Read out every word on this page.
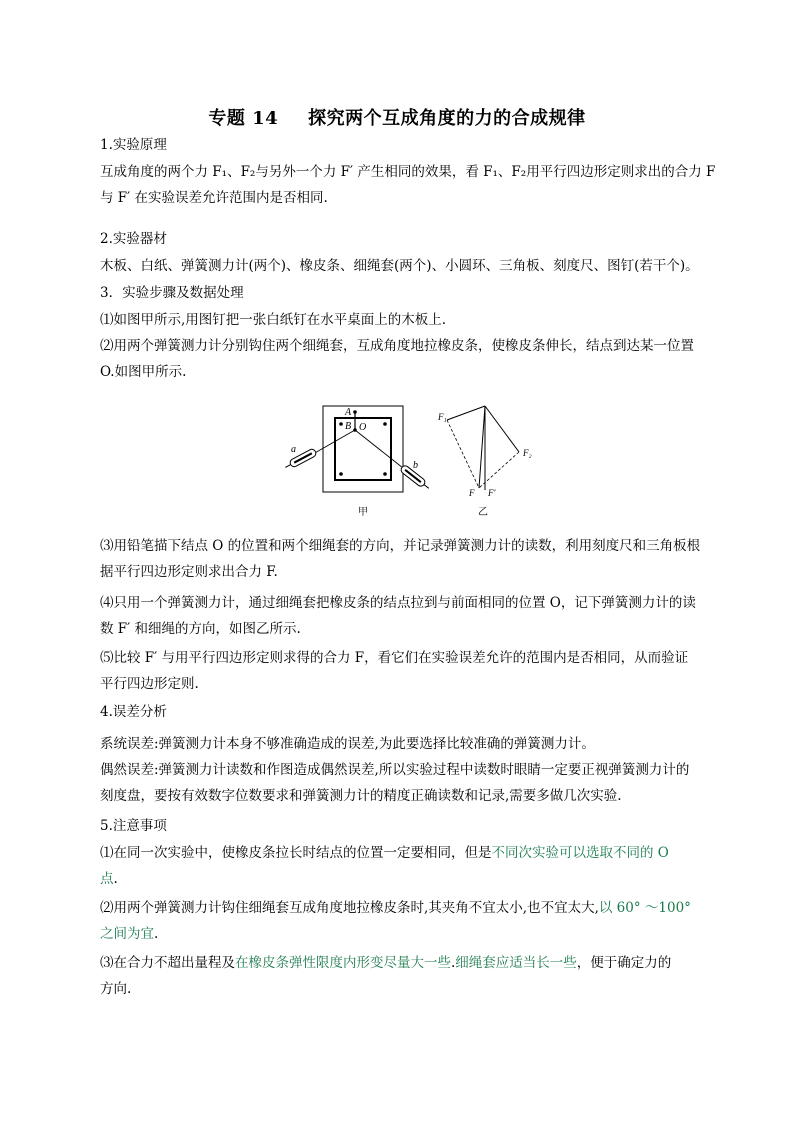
专题 14 探究两个互成角度的力的合成规律
1.实验原理
互成角度的两个力 F₁、F₂与另外一个力 F′ 产生相同的效果，看 F₁、F₂用平行四边形定则求出的合力 F
与 F′ 在实验误差允许范围内是否相同.
2.实验器材
木板、白纸、弹簧测力计(两个)、橡皮条、细绳套(两个)、小圆环、三角板、刻度尺、图钉(若干个)。
3．实验步骤及数据处理
⑴如图甲所示,用图钉把一张白纸钉在水平桌面上的木板上.
⑵用两个弹簧测力计分别钩住两个细绳套，互成角度地拉橡皮条，使橡皮条伸长，结点到达某一位置
O.如图甲所示.
A
B O
a
b
F₁
F₂
F F′
甲	乙
⑶用铅笔描下结点 O 的位置和两个细绳套的方向，并记录弹簧测力计的读数，利用刻度尺和三角板根
据平行四边形定则求出合力 F.
⑷只用一个弹簧测力计，通过细绳套把橡皮条的结点拉到与前面相同的位置 O，记下弹簧测力计的读
数 F′ 和细绳的方向，如图乙所示.
⑸比较 F′ 与用平行四边形定则求得的合力 F，看它们在实验误差允许的范围内是否相同，从而验证
平行四边形定则.
4.误差分析
系统误差:弹簧测力计本身不够准确造成的误差,为此要选择比较准确的弹簧测力计。
偶然误差:弹簧测力计读数和作图造成偶然误差,所以实验过程中读数时眼睛一定要正视弹簧测力计的
刻度盘，要按有效数字位数要求和弹簧测力计的精度正确读数和记录,需要多做几次实验.
5.注意事项
⑴在同一次实验中，使橡皮条拉长时结点的位置一定要相同，但是不同次实验可以选取不同的 O
点.
⑵用两个弹簧测力计钩住细绳套互成角度地拉橡皮条时,其夹角不宜太小,也不宜太大,以 60° ～100°
之间为宜.
⑶在合力不超出量程及在橡皮条弹性限度内形变尽量大一些.细绳套应适当长一些，便于确定力的
方向.
